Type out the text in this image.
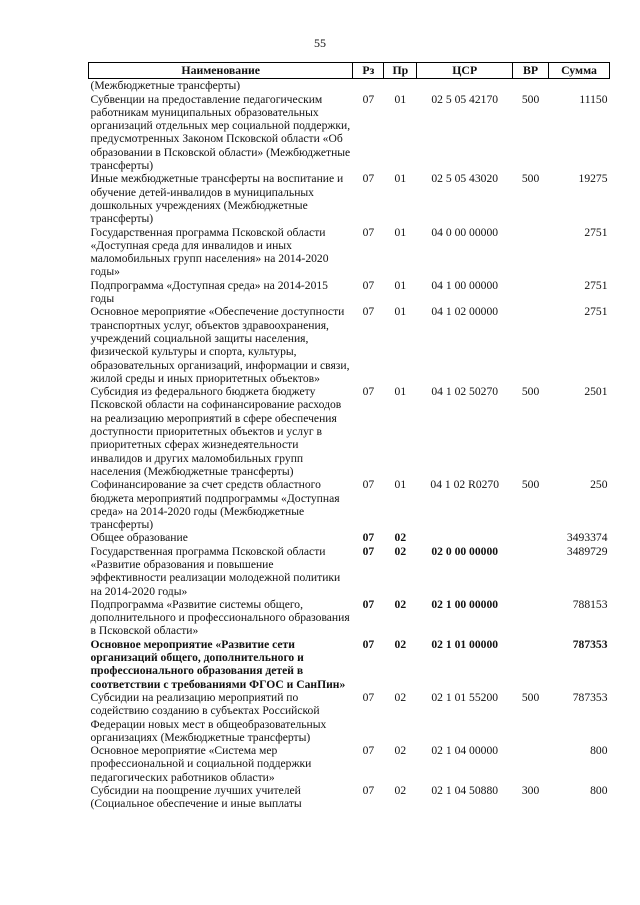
55
Наименование	Рз	Пр	ЦСР	ВР	Сумма
(Межбюджетные трансферты)					
Субвенции на предоставление педагогическим работникам муниципальных образовательных организаций отдельных мер социальной поддержки, предусмотренных Законом Псковской области «Об образовании в Псковской области» (Межбюджетные трансферты)	07	01	02 5 05 42170	500	11150
Иные межбюджетные трансферты на воспитание и обучение детей-инвалидов в муниципальных дошкольных учреждениях (Межбюджетные трансферты)	07	01	02 5 05 43020	500	19275
Государственная программа Псковской области «Доступная среда для инвалидов и иных маломобильных групп населения» на 2014-2020 годы»	07	01	04 0 00 00000		2751
Подпрограмма «Доступная среда» на 2014-2015 годы	07	01	04 1 00 00000		2751
Основное мероприятие «Обеспечение доступности транспортных услуг, объектов здравоохранения, учреждений социальной защиты населения, физической культуры и спорта, культуры, образовательных организаций, информации и связи, жилой среды и иных приоритетных объектов»	07	01	04 1 02 00000		2751
Субсидия из федерального бюджета бюджету Псковской области на софинансирование расходов на реализацию мероприятий в сфере обеспечения доступности приоритетных объектов и услуг в приоритетных сферах жизнедеятельности инвалидов и других маломобильных групп населения (Межбюджетные трансферты)	07	01	04 1 02 50270	500	2501
Софинансирование за счет средств областного бюджета мероприятий подпрограммы «Доступная среда» на 2014-2020 годы (Межбюджетные трансферты)	07	01	04 1 02 R0270	500	250
Общее образование	07	02			3493374
Государственная программа Псковской области «Развитие образования и повышение эффективности реализации молодежной политики на 2014-2020 годы»	07	02	02 0 00 00000		3489729
Подпрограмма «Развитие системы общего, дополнительного и профессионального образования в Псковской области»	07	02	02 1 00 00000		788153
Основное мероприятие «Развитие сети организаций общего, дополнительного и профессионального образования детей в соответствии с требованиями ФГОС и СанПин»	07	02	02 1 01 00000		787353
Субсидии на реализацию мероприятий по содействию созданию в субъектах Российской Федерации новых мест в общеобразовательных организациях (Межбюджетные трансферты)	07	02	02 1 01 55200	500	787353
Основное мероприятие «Система мер профессиональной и социальной поддержки педагогических работников области»	07	02	02 1 04 00000		800
Субсидии на поощрение лучших учителей (Социальное обеспечение и иные выплаты	07	02	02 1 04 50880	300	800
